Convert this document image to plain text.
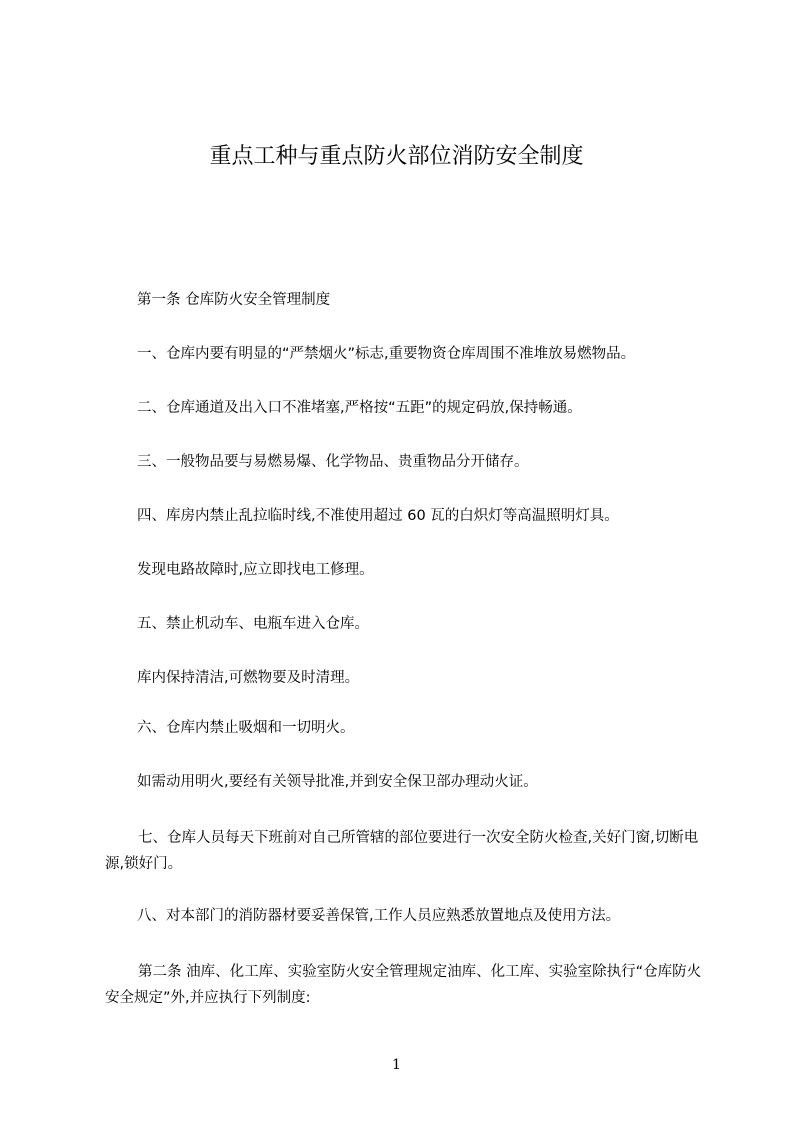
重点工种与重点防火部位消防安全制度
第一条 仓库防火安全管理制度
一、仓库内要有明显的“严禁烟火”标志,重要物资仓库周围不准堆放易燃物品。
二、仓库通道及出入口不准堵塞,严格按“五距”的规定码放,保持畅通。
三、一般物品要与易燃易爆、化学物品、贵重物品分开储存。
四、库房内禁止乱拉临时线,不准使用超过 60 瓦的白炽灯等高温照明灯具。
发现电路故障时,应立即找电工修理。
五、禁止机动车、电瓶车进入仓库。
库内保持清洁,可燃物要及时清理。
六、仓库内禁止吸烟和一切明火。
如需动用明火,要经有关领导批准,并到安全保卫部办理动火证。
七、仓库人员每天下班前对自己所管辖的部位要进行一次安全防火检查,关好门窗,切断电源,锁好门。
八、对本部门的消防器材要妥善保管,工作人员应熟悉放置地点及使用方法。
第二条 油库、化工库、实验室防火安全管理规定油库、化工库、实验室除执行“仓库防火安全规定”外,并应执行下列制度:
1
